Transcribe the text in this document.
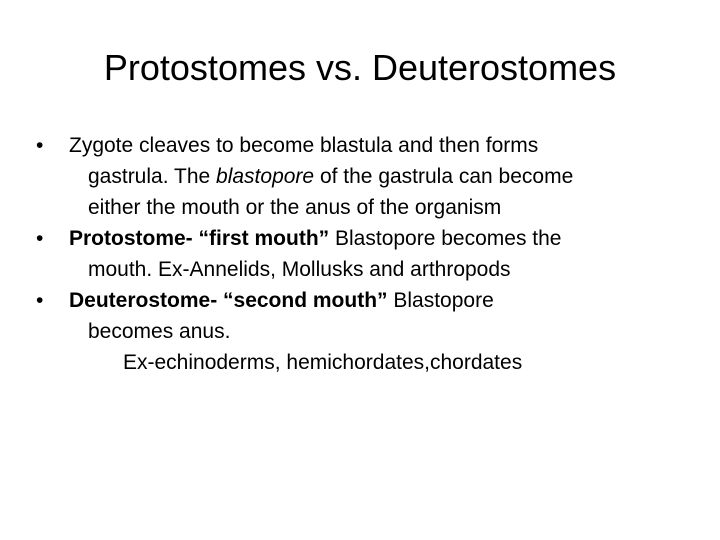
Protostomes vs. Deuterostomes
• Zygote cleaves to become blastula and then forms
gastrula. The blastopore of the gastrula can become
either the mouth or the anus of the organism
• Protostome- “first mouth” Blastopore becomes the
mouth. Ex-Annelids, Mollusks and arthropods
• Deuterostome- “second mouth” Blastopore
becomes anus.
Ex-echinoderms, hemichordates,chordates
